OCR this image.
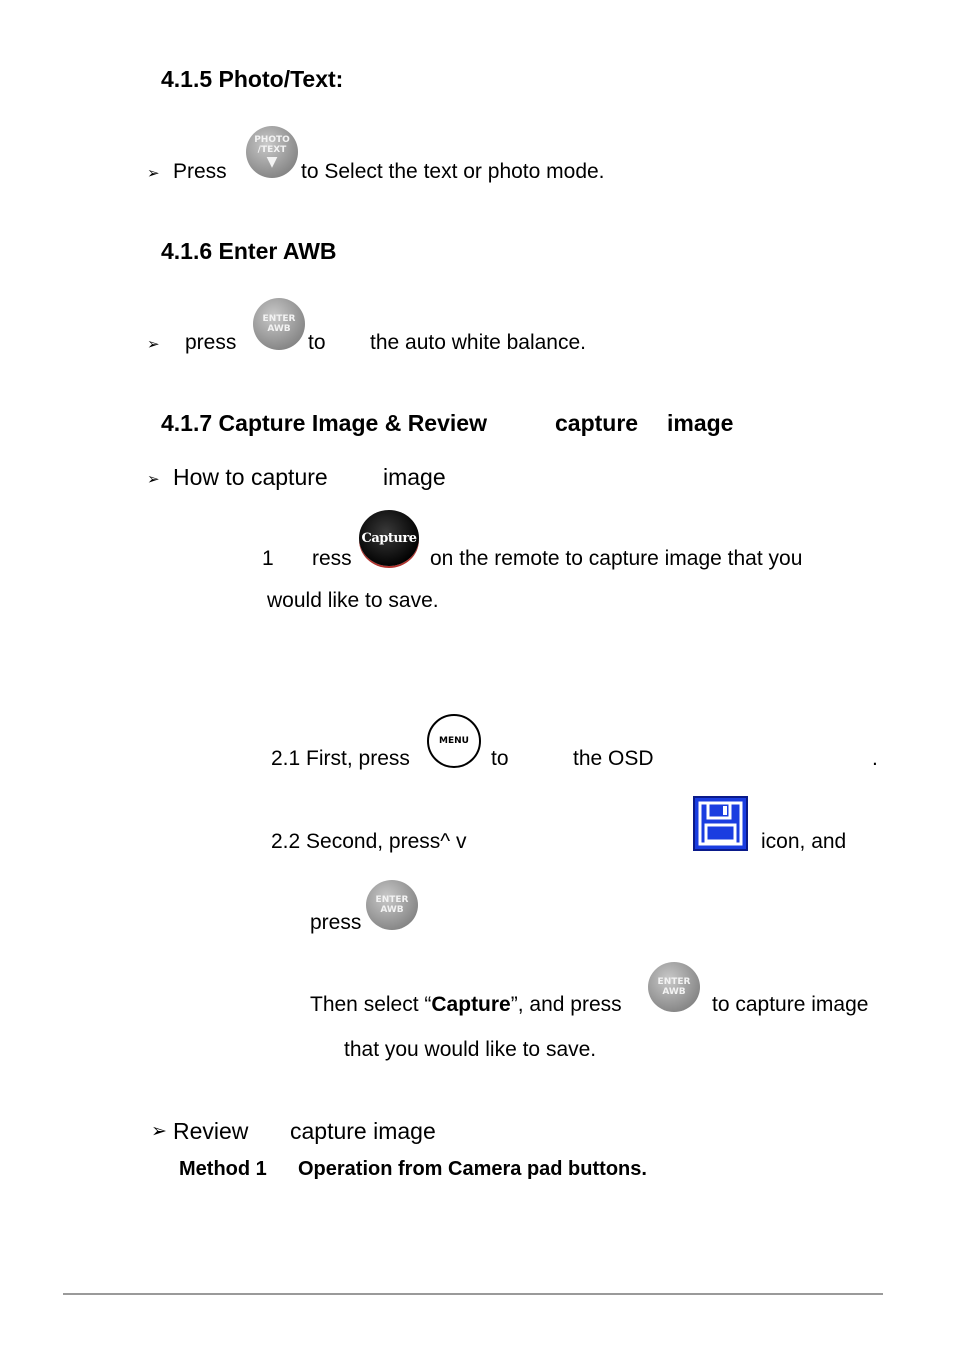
4.1.5 Photo/Text:
➢ Press
PHOTO
/TEXT
▼ to Select the text or photo mode.
4.1.6 Enter AWB
➢ press
ENTER
AWB
to the auto white balance.
4.1.7 Capture Image & Review	capture image
➢ How to capture image
1 ress
Capture
on the remote to capture image that you
would like to save.
2.1 First, press
MENU
to	the OSD	.
2.2 Second, press^ v	icon, and
press
ENTER
AWB
Then select “Capture”, and press
ENTER
AWB
to capture image
that you would like to save.
➢ Review capture image
Method 1 Operation from Camera pad buttons.
